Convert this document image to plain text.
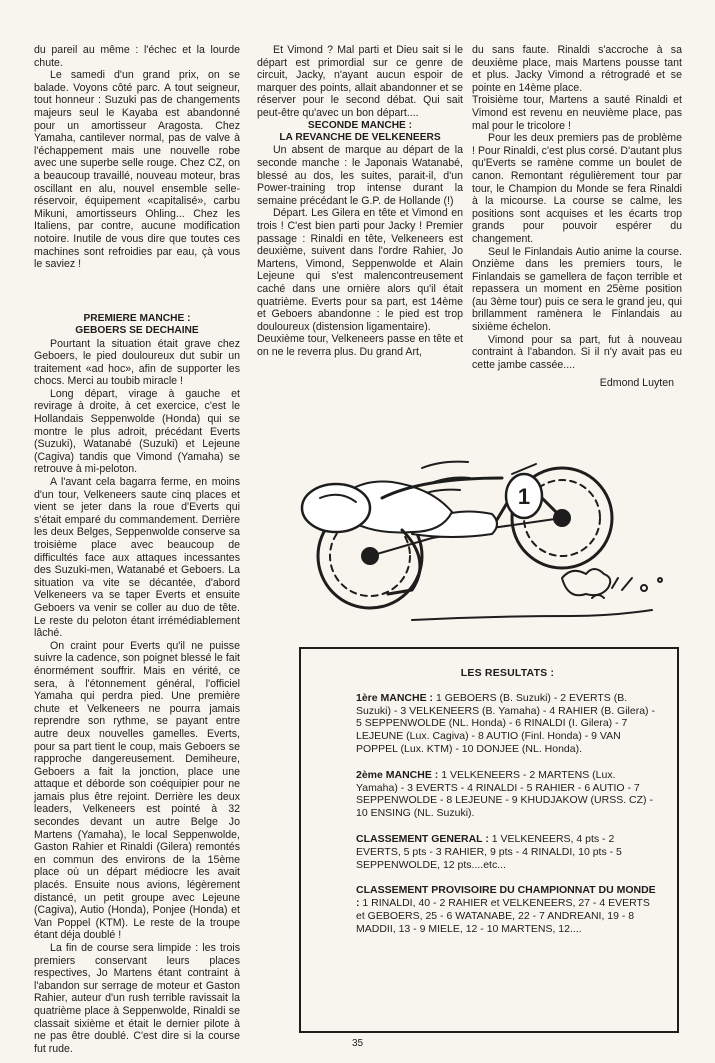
du pareil au même : l'échec et la lourde chute.

Le samedi d'un grand prix, on se balade. Voyons côté parc. A tout seigneur, tout honneur : Suzuki pas de changements majeurs seul le Kayaba est abandonné pour un amortisseur Aragosta. Chez Yamaha, cantilever normal, pas de valve à l'échappement mais une nouvelle robe avec une superbe selle rouge. Chez CZ, on a beaucoup travaillé, nouveau moteur, bras oscillant en alu, nouvel ensemble selle-réservoir, équipement «capitalisé», carbu Mikuni, amortisseurs Ohling... Chez les Italiens, par contre, aucune modification notoire. Inutile de vous dire que toutes ces machines sont refroidies par eau, çà vous le saviez !

PREMIERE MANCHE :

GEBOERS SE DECHAINE

Pourtant la situation était grave chez Geboers, le pied douloureux dut subir un traitement «ad hoc», afin de supporter les chocs. Merci au toubib miracle !

Long départ, virage à gauche et revirage à droite, à cet exercice, c'est le Hollandais Seppenwolde (Honda) qui se montre le plus adroit, précédant Everts (Suzuki), Watanabé (Suzuki) et Lejeune (Cagiva) tandis que Vimond (Yamaha) se retrouve à mi-peloton.

A l'avant cela bagarra ferme, en moins d'un tour, Velkeneers saute cinq places et vient se jeter dans la roue d'Everts qui s'était emparé du commandement. Derrière les deux Belges, Seppenwolde conserve sa troisième place avec beaucoup de difficultés face aux attaques incessantes des Suzuki-men, Watanabé et Geboers. La situation va vite se décantée, d'abord Velkeneers va se taper Everts et ensuite Geboers va venir se coller au duo de tête. Le reste du peloton étant irrémédiablement lâché.

On craint pour Everts qu'il ne puisse suivre la cadence, son poignet blessé le fait énormément souffrir. Mais en vérité, ce sera, à l'étonnement général, l'officiel Yamaha qui perdra pied. Une première chute et Velkeneers ne pourra jamais reprendre son rythme, se payant entre autre deux nouvelles gamelles. Everts, pour sa part tient le coup, mais Geboers se rapproche dangereusement. Demiheure, Geboers a fait la jonction, place une attaque et déborde son coéquipier pour ne jamais plus être rejoint. Derrière les deux leaders, Velkeneers est pointé à 32 secondes devant un autre Belge Jo Martens (Yamaha), le local Seppenwolde, Gaston Rahier et Rinaldi (Gilera) remontés en commun des environs de la 15ème place où un départ médiocre les avait placés. Ensuite nous avions, légèrement distancé, un petit groupe avec Lejeune (Cagiva), Autio (Honda), Ponjee (Honda) et Van Poppel (KTM). Le reste de la troupe étant déja doublé !

La fin de course sera limpide : les trois premiers conservant leurs places respectives, Jo Martens étant contraint à l'abandon sur serrage de moteur et Gaston Rahier, auteur d'un rush terrible ravissait la quatrième place à Seppenwolde, Rinaldi se classait sixième et était le dernier pilote à ne pas être doublé. C'est dire si la course fut rude.

Et Vimond ? Mal parti et Dieu sait si le départ est primordial sur ce genre de circuit, Jacky, n'ayant aucun espoir de marquer des points, allait abandonner et se réserver pour le second débat. Qui sait peut-être qu'avec un bon départ....

SECONDE MANCHE :

LA REVANCHE DE VELKENEERS

Un absent de marque au départ de la seconde manche : le Japonais Watanabé, blessé au dos, les suites, parait-il, d'un Power-training trop intense durant la semaine précédant le G.P. de Hollande (!)

Départ. Les Gilera en tête et Vimond en trois ! C'est bien parti pour Jacky ! Premier passage : Rinaldi en tête, Velkeneers est deuxième, suivent dans l'ordre Rahier, Jo Martens, Vimond, Seppenwolde et Alain Lejeune qui s'est malencontreusement caché dans une ornière alors qu'il était quatrième. Everts pour sa part, est 14ème et Geboers abandonne : le pied est trop douloureux (distension ligamentaire).

Deuxième tour, Velkeneers passe en tête et on ne le reverra plus. Du grand Art,

du sans faute. Rinaldi s'accroche à sa deuxième place, mais Martens pousse tant et plus. Jacky Vimond a rétrogradé et se pointe en 14ème place.

Troisième tour, Martens a sauté Rinaldi et Vimond est revenu en neuvième place, pas mal pour le tricolore !

Pour les deux premiers pas de problème ! Pour Rinaldi, c'est plus corsé. D'autant plus qu'Everts se ramène comme un boulet de canon. Remontant régulièrement tour par tour, le Champion du Monde se fera Rinaldi à la micourse. La course se calme, les positions sont acquises et les écarts trop grands pour pouvoir espérer du changement.

Seul le Finlandais Autio anime la course. Onzième dans les premiers tours, le Finlandais se gamellera de façon terrible et repassera un moment en 25ème position (au 3ème tour) puis ce sera le grand jeu, qui brillamment ramènera le Finlandais au sixième échelon.

Vimond pour sa part, fut à nouveau contraint à l'abandon. Si il n'y avait pas eu cette jambe cassée....

Edmond Luyten

1
LES RESULTATS :

1ère MANCHE : 1 GEBOERS (B. Suzuki) - 2 EVERTS (B. Suzuki) - 3 VELKENEERS (B. Yamaha) - 4 RAHIER (B. Gilera) - 5 SEPPENWOLDE (NL. Honda) - 6 RINALDI (I. Gilera) - 7 LEJEUNE (Lux. Cagiva) - 8 AUTIO (Finl. Honda) - 9 VAN POPPEL (Lux. KTM) - 10 DONJEE (NL. Honda).

2ème MANCHE : 1 VELKENEERS - 2 MARTENS (Lux. Yamaha) - 3 EVERTS - 4 RINALDI - 5 RAHIER - 6 AUTIO - 7 SEPPENWOLDE - 8 LEJEUNE - 9 KHUDJAKOW (URSS. CZ) - 10 ENSING (NL. Suzuki).

CLASSEMENT GENERAL : 1 VELKENEERS, 4 pts - 2 EVERTS, 5 pts - 3 RAHIER, 9 pts - 4 RINALDI, 10 pts - 5 SEPPENWOLDE, 12 pts....etc...

CLASSEMENT PROVISOIRE DU CHAMPIONNAT DU MONDE : 1 RINALDI, 40 - 2 RAHIER et VELKENEERS, 27 - 4 EVERTS et GEBOERS, 25 - 6 WATANABE, 22 - 7 ANDREANI, 19 - 8 MADDII, 13 - 9 MIELE, 12 - 10 MARTENS, 12....

35
